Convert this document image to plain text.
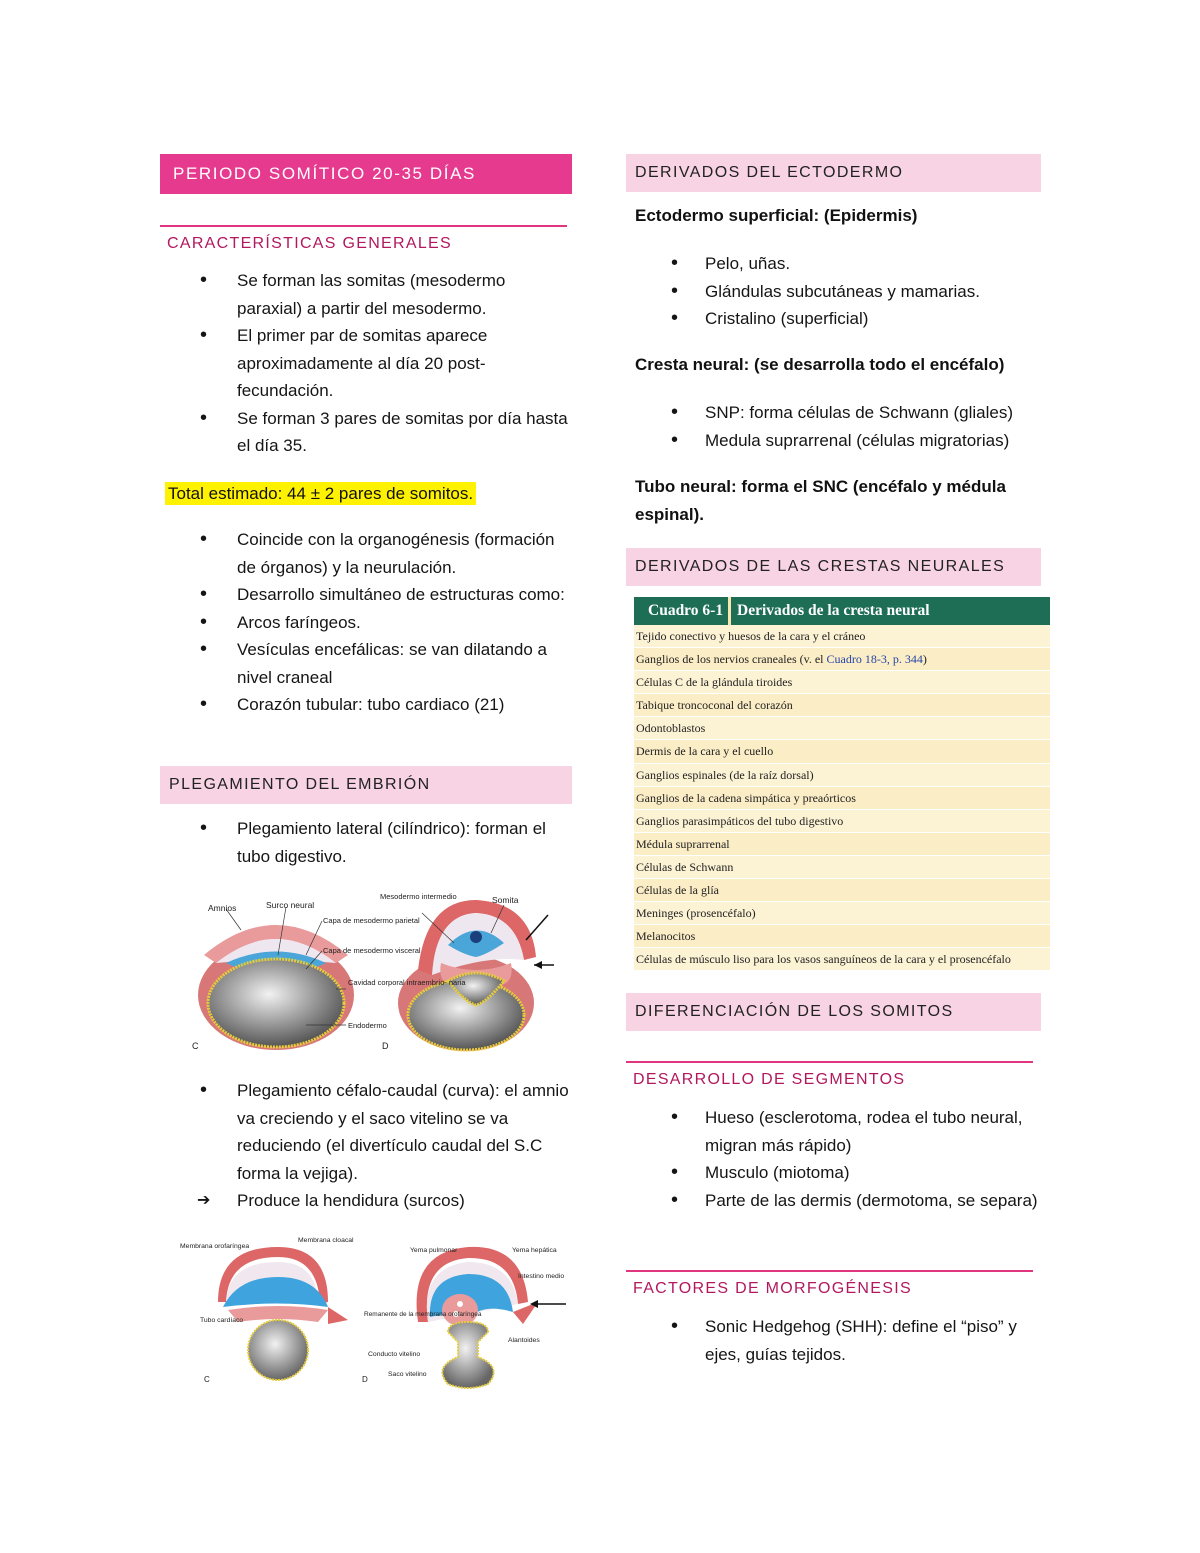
PERIODO SOMÍTICO 20-35 DÍAS
CARACTERÍSTICAS GENERALES
• Se forman las somitas (mesodermo paraxial) a partir del mesodermo.
• El primer par de somitas aparece aproximadamente al día 20 post-fecundación.
• Se forman 3 pares de somitas por día hasta el día 35.
Total estimado: 44 ± 2 pares de somitos.
• Coincide con la organogénesis (formación de órganos) y la neurulación.
• Desarrollo simultáneo de estructuras como:
• Arcos faríngeos.
• Vesículas encefálicas: se van dilatando a nivel craneal
• Corazón tubular: tubo cardiaco (21)
PLEGAMIENTO DEL EMBRIÓN
• Plegamiento lateral (cilíndrico): forman el tubo digestivo.
Amnios	Surco neural
Capa de mesodermo parietal
Capa de mesodermo visceral
Cavidad corporal intraembrio- naria
Endodermo
Mesodermo intermedio	Somita
C	D
• Plegamiento céfalo-caudal (curva): el amnio va creciendo y el saco vitelino se va reduciendo (el divertículo caudal del S.C forma la vejiga).
➔ Produce la hendidura (surcos)
Membrana orofaríngea
Membrana cloacal
Yema pulmonar	Yema hepática
Intestino medio
Tubo cardíaco
Remanente de la membrana orofaríngea
Alantoides
Conducto vitelino
Saco vitelino
C	D
DERIVADOS DEL ECTODERMO
Ectodermo superficial: (Epidermis)
• Pelo, uñas.
• Glándulas subcutáneas y mamarias.
• Cristalino (superficial)
Cresta neural: (se desarrolla todo el encéfalo)
• SNP: forma células de Schwann (gliales)
• Medula suprarrenal (células migratorias)
Tubo neural: forma el SNC (encéfalo y médula espinal).
DERIVADOS DE LAS CRESTAS NEURALES
Cuadro 6-1 Derivados de la cresta neural
Tejido conectivo y huesos de la cara y el cráneo
Ganglios de los nervios craneales (v. el Cuadro 18-3, p. 344)
Células C de la glándula tiroides
Tabique troncoconal del corazón
Odontoblastos
Dermis de la cara y el cuello
Ganglios espinales (de la raíz dorsal)
Ganglios de la cadena simpática y preaórticos
Ganglios parasimpáticos del tubo digestivo
Médula suprarrenal
Células de Schwann
Células de la glía
Meninges (prosencéfalo)
Melanocitos
Células de músculo liso para los vasos sanguíneos de la cara y el prosencéfalo
DIFERENCIACIÓN DE LOS SOMITOS
DESARROLLO DE SEGMENTOS
• Hueso (esclerotoma, rodea el tubo neural, migran más rápido)
• Musculo (miotoma)
• Parte de las dermis (dermotoma, se separa)
FACTORES DE MORFOGÉNESIS
• Sonic Hedgehog (SHH): define el “piso” y ejes, guías tejidos.
